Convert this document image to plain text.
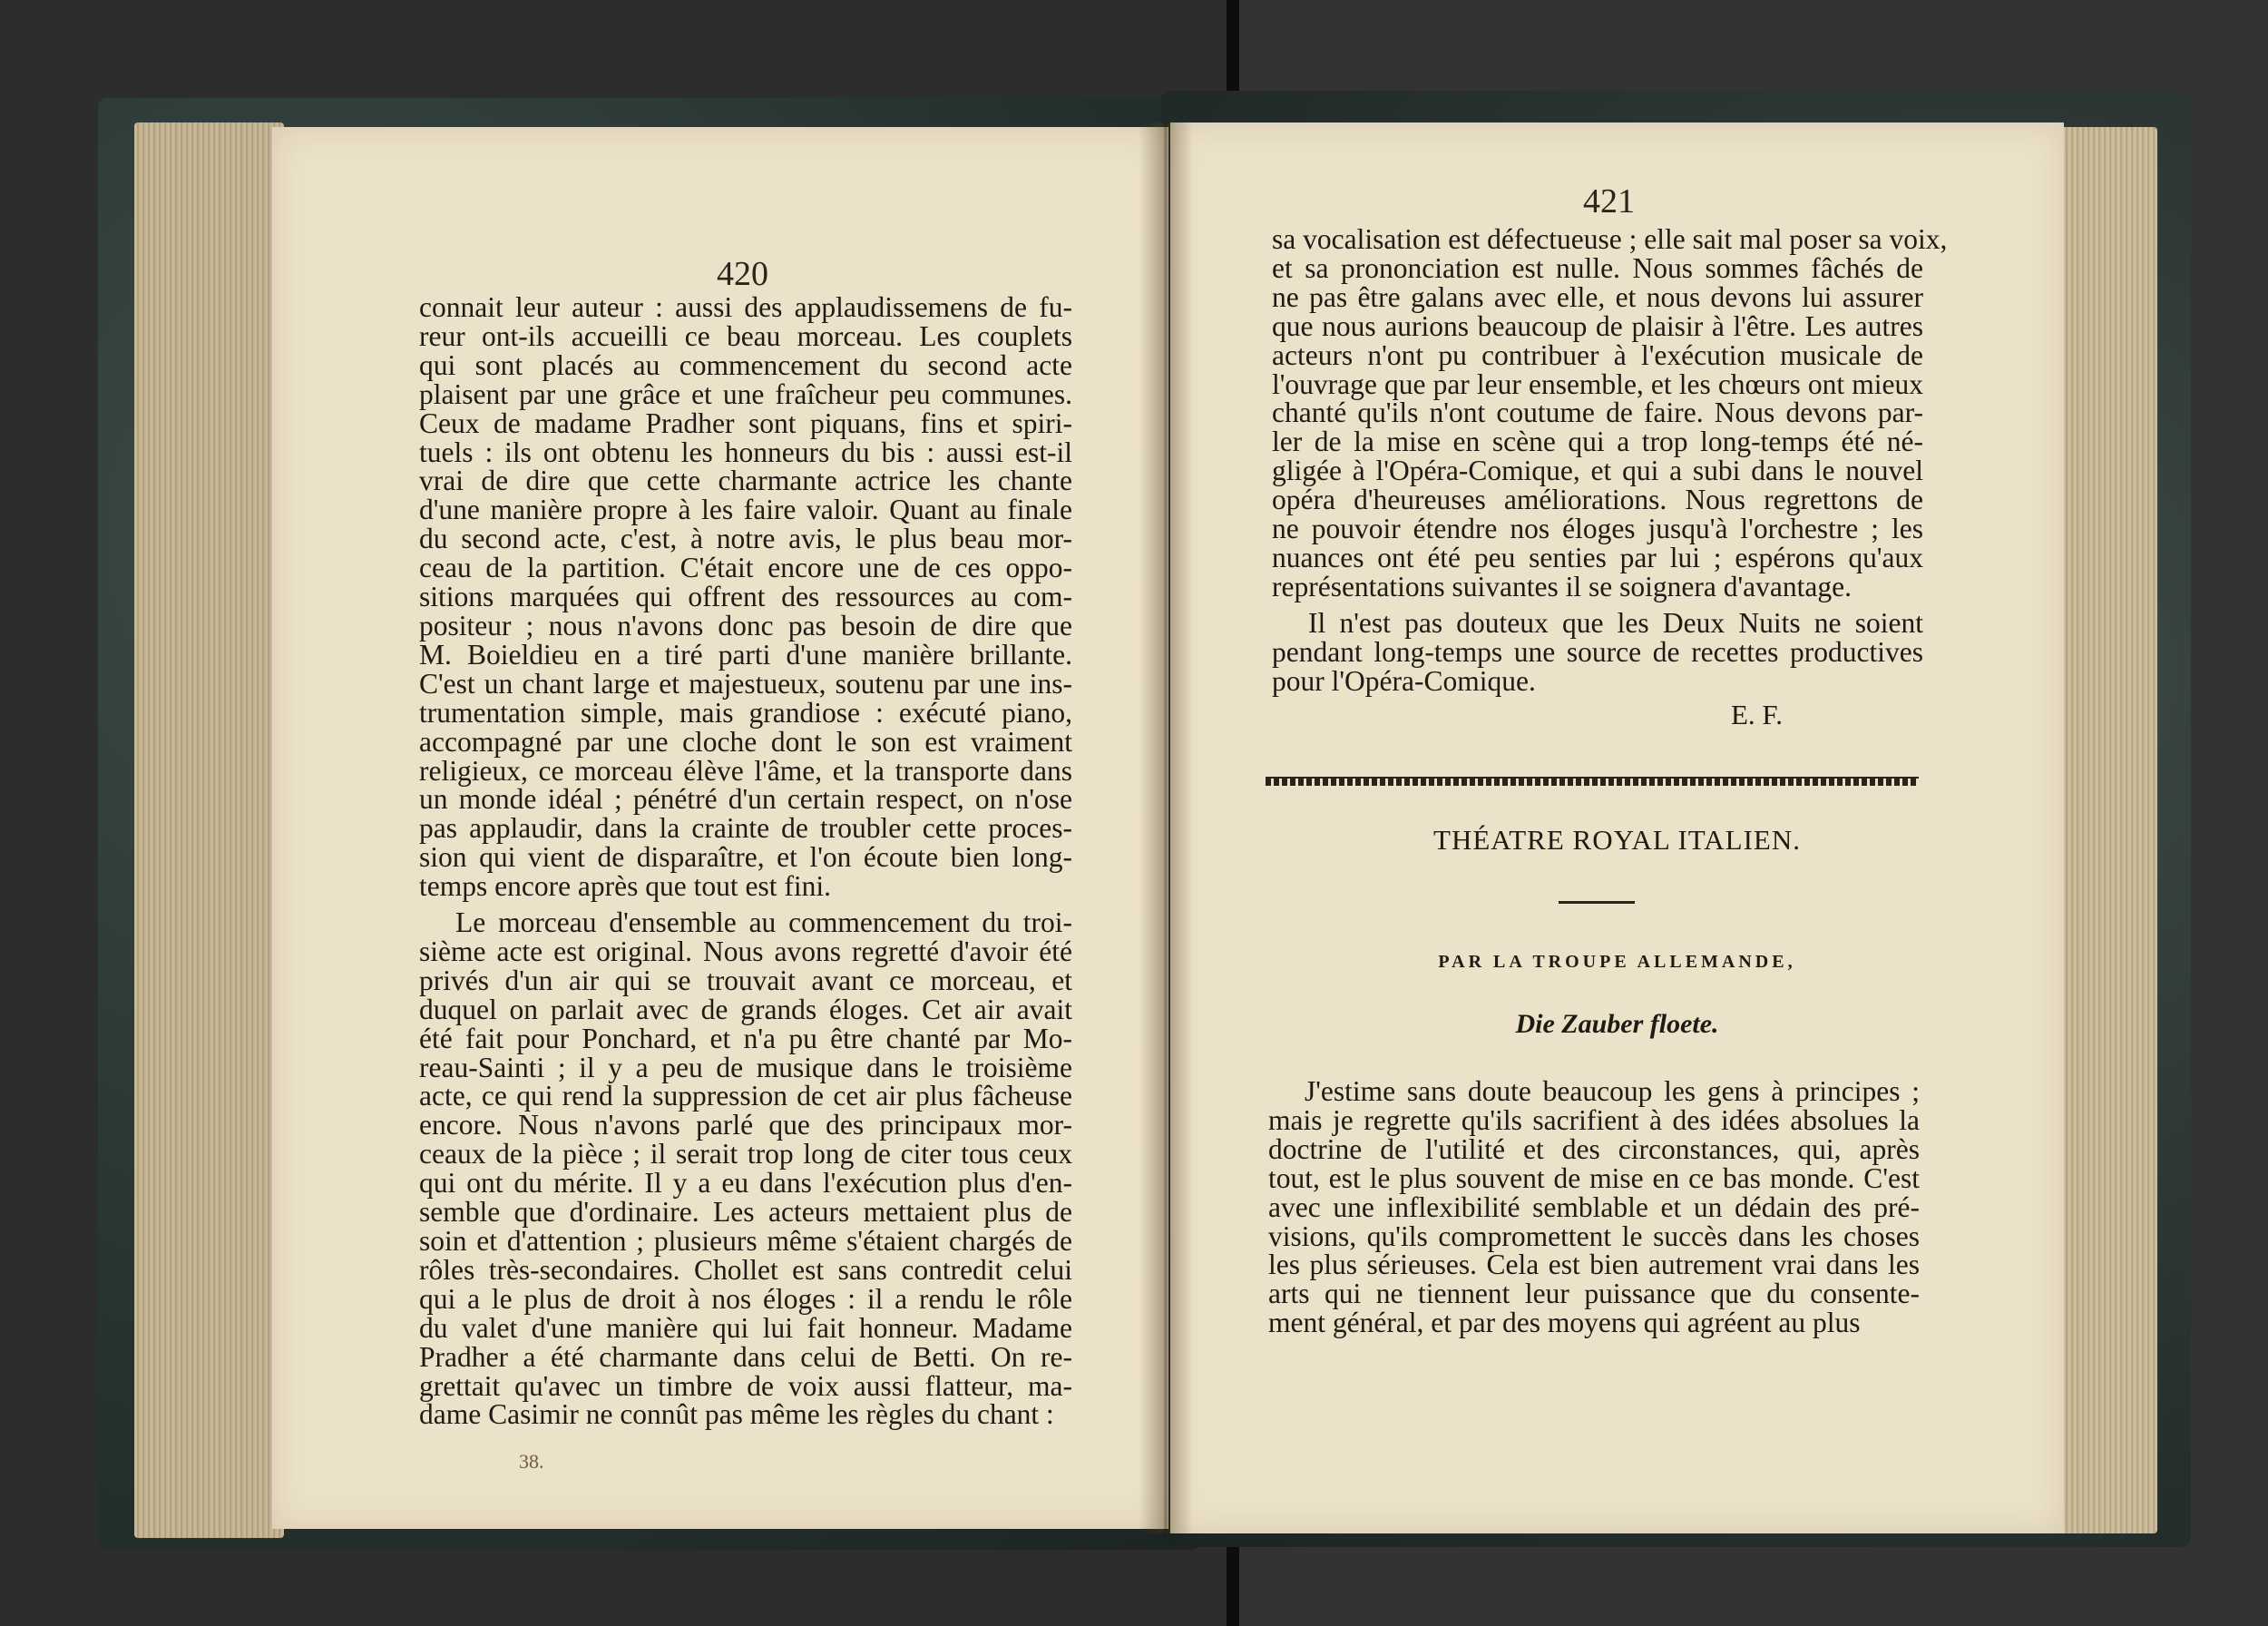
420
connait leur auteur : aussi des applaudissemens de fu-
reur ont-ils accueilli ce beau morceau. Les couplets
qui sont placés au commencement du second acte
plaisent par une grâce et une fraîcheur peu communes.
Ceux de madame Pradher sont piquans, fins et spiri-
tuels : ils ont obtenu les honneurs du bis : aussi est-il
vrai de dire que cette charmante actrice les chante
d'une manière propre à les faire valoir. Quant au finale
du second acte, c'est, à notre avis, le plus beau mor-
ceau de la partition. C'était encore une de ces oppo-
sitions marquées qui offrent des ressources au com-
positeur ; nous n'avons donc pas besoin de dire que
M. Boieldieu en a tiré parti d'une manière brillante.
C'est un chant large et majestueux, soutenu par une ins-
trumentation simple, mais grandiose : exécuté piano,
accompagné par une cloche dont le son est vraiment
religieux, ce morceau élève l'âme, et la transporte dans
un monde idéal ; pénétré d'un certain respect, on n'ose
pas applaudir, dans la crainte de troubler cette proces-
sion qui vient de disparaître, et l'on écoute bien long-
temps encore après que tout est fini.
Le morceau d'ensemble au commencement du troi-
sième acte est original. Nous avons regretté d'avoir été
privés d'un air qui se trouvait avant ce morceau, et
duquel on parlait avec de grands éloges. Cet air avait
été fait pour Ponchard, et n'a pu être chanté par Mo-
reau-Sainti ; il y a peu de musique dans le troisième
acte, ce qui rend la suppression de cet air plus fâcheuse
encore. Nous n'avons parlé que des principaux mor-
ceaux de la pièce ; il serait trop long de citer tous ceux
qui ont du mérite. Il y a eu dans l'exécution plus d'en-
semble que d'ordinaire. Les acteurs mettaient plus de
soin et d'attention ; plusieurs même s'étaient chargés de
rôles très-secondaires. Chollet est sans contredit celui
qui a le plus de droit à nos éloges : il a rendu le rôle
du valet d'une manière qui lui fait honneur. Madame
Pradher a été charmante dans celui de Betti. On re-
grettait qu'avec un timbre de voix aussi flatteur, ma-
dame Casimir ne connût pas même les règles du chant :
38.
421
sa vocalisation est défectueuse ; elle sait mal poser sa voix,
et sa prononciation est nulle. Nous sommes fâchés de
ne pas être galans avec elle, et nous devons lui assurer
que nous aurions beaucoup de plaisir à l'être. Les autres
acteurs n'ont pu contribuer à l'exécution musicale de
l'ouvrage que par leur ensemble, et les chœurs ont mieux
chanté qu'ils n'ont coutume de faire. Nous devons par-
ler de la mise en scène qui a trop long-temps été né-
gligée à l'Opéra-Comique, et qui a subi dans le nouvel
opéra d'heureuses améliorations. Nous regrettons de
ne pouvoir étendre nos éloges jusqu'à l'orchestre ; les
nuances ont été peu senties par lui ; espérons qu'aux
représentations suivantes il se soignera d'avantage.
Il n'est pas douteux que les Deux Nuits ne soient
pendant long-temps une source de recettes productives
pour l'Opéra-Comique.
E. F.
THÉATRE ROYAL ITALIEN.
PAR LA TROUPE ALLEMANDE,
Die Zauber floete.
J'estime sans doute beaucoup les gens à principes ;
mais je regrette qu'ils sacrifient à des idées absolues la
doctrine de l'utilité et des circonstances, qui, après
tout, est le plus souvent de mise en ce bas monde. C'est
avec une inflexibilité semblable et un dédain des pré-
visions, qu'ils compromettent le succès dans les choses
les plus sérieuses. Cela est bien autrement vrai dans les
arts qui ne tiennent leur puissance que du consente-
ment général, et par des moyens qui agréent au plus
